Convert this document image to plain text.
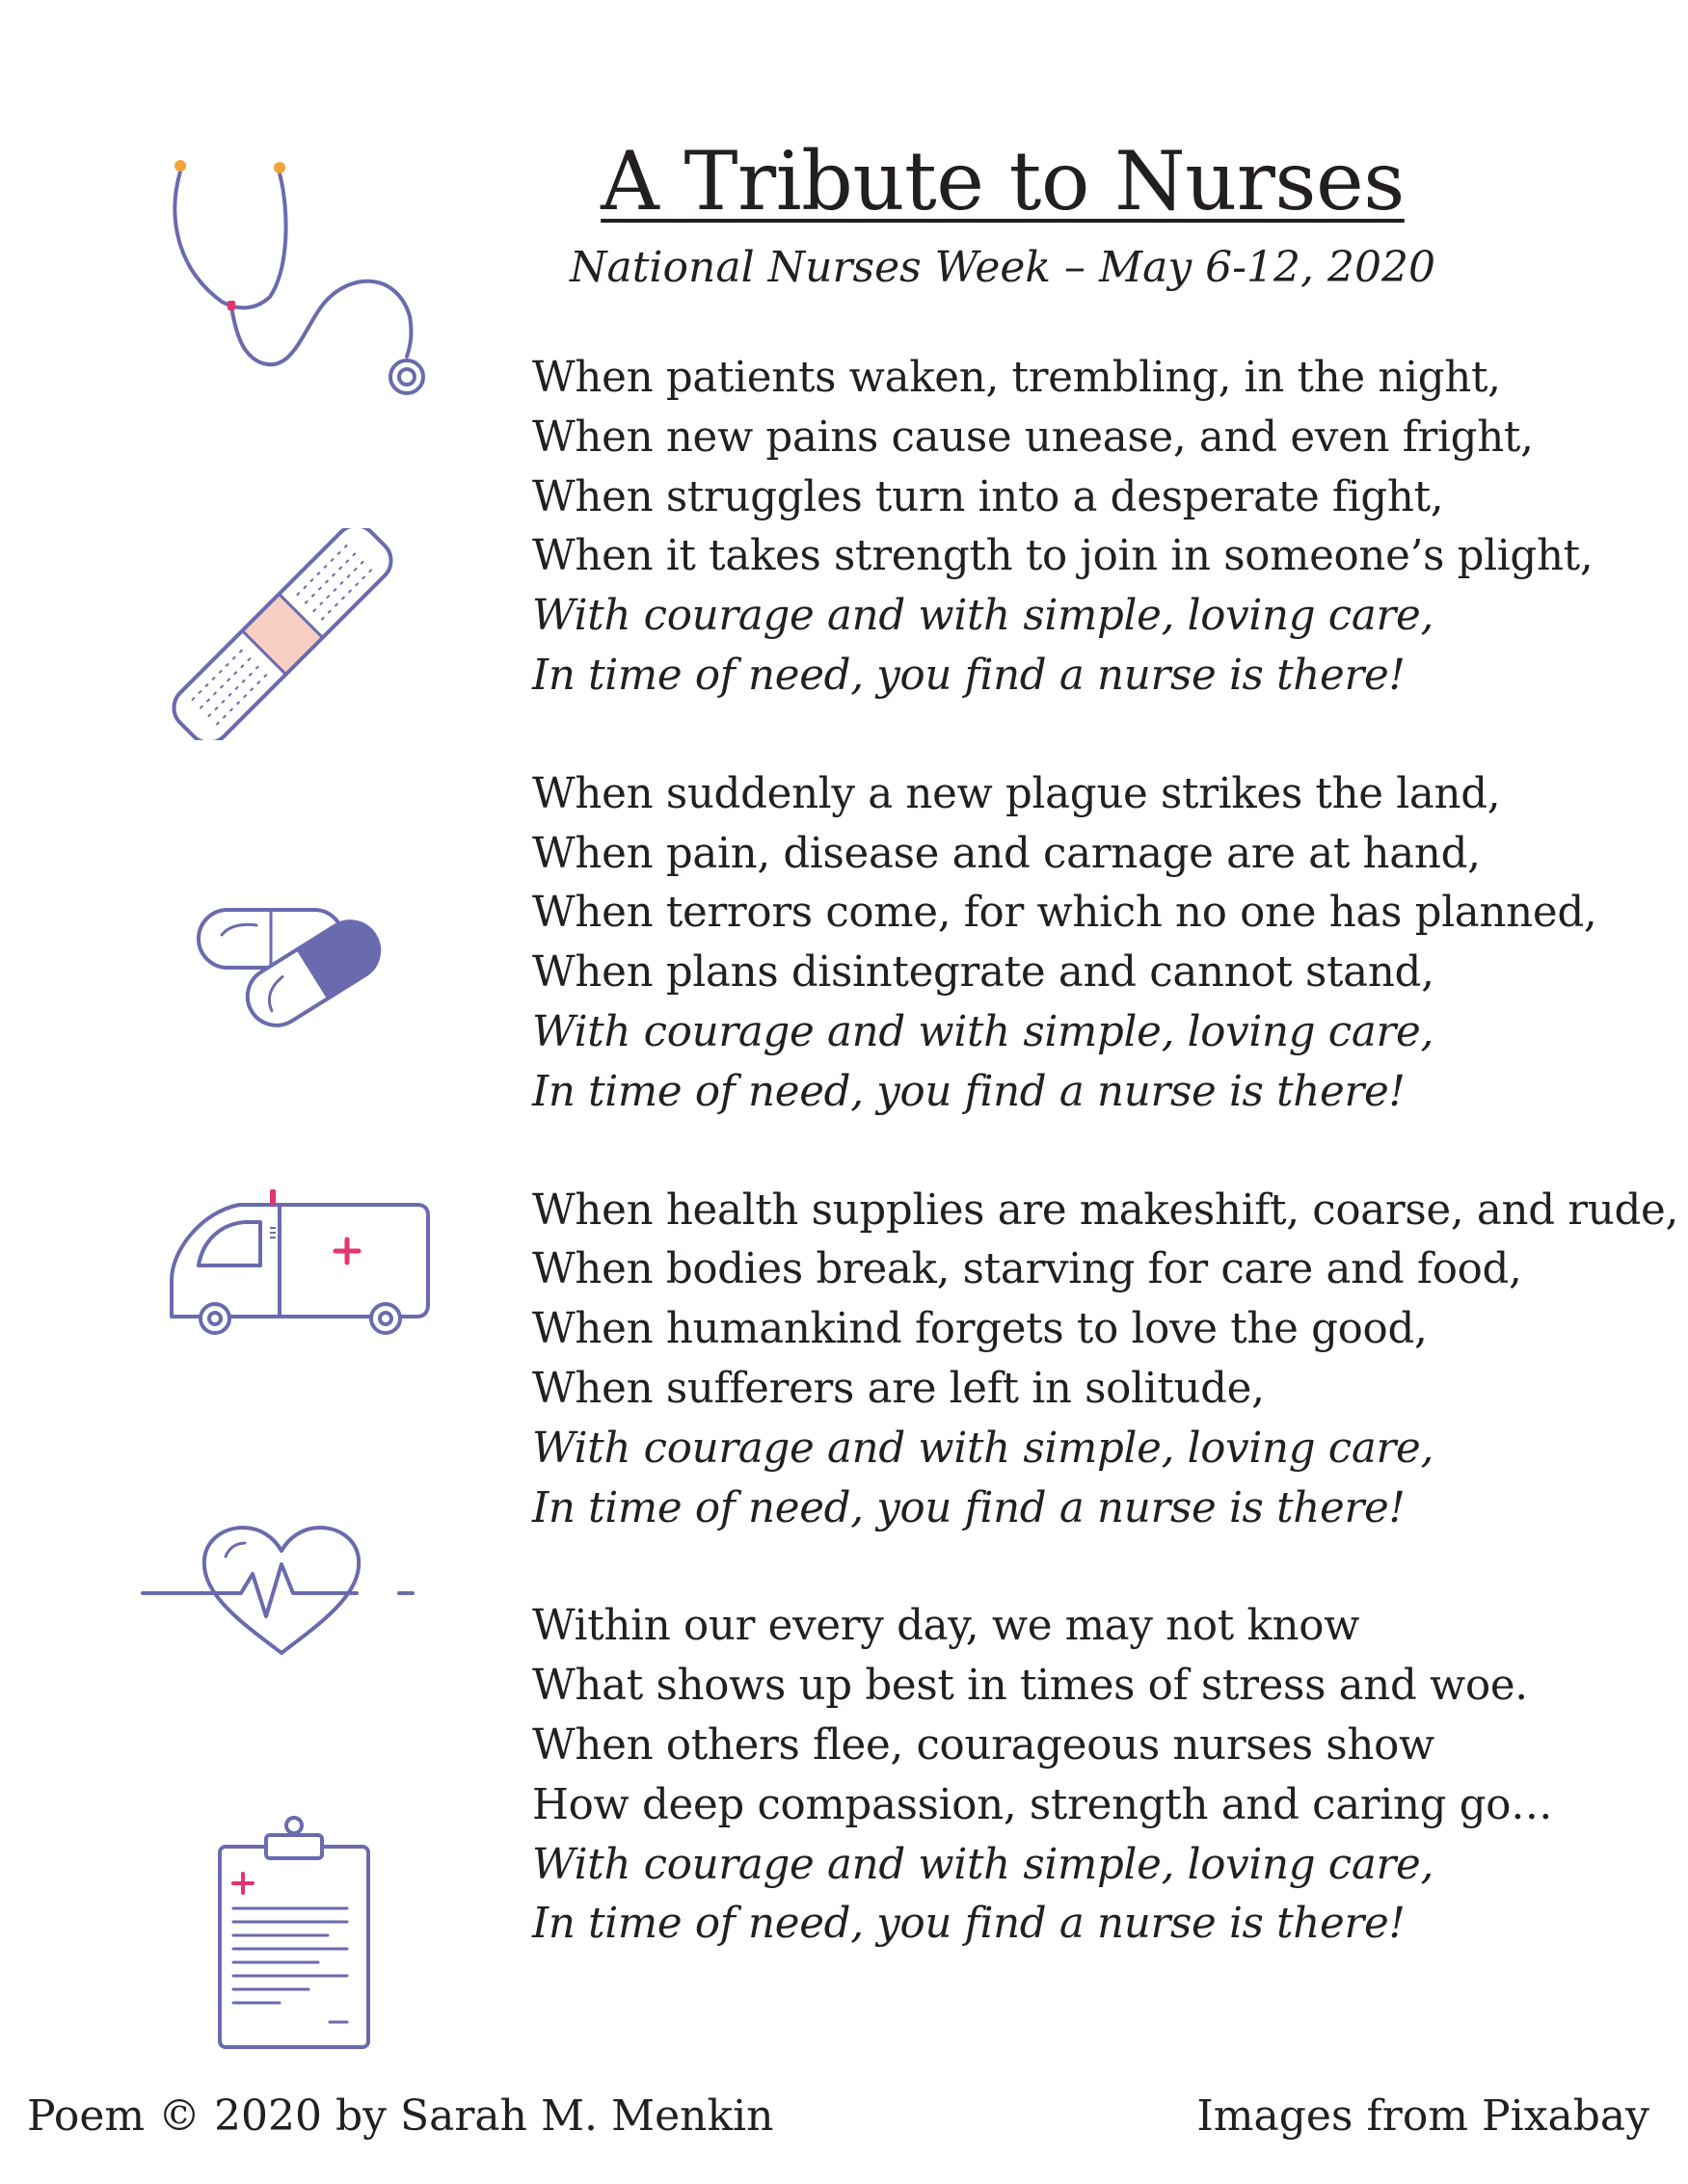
A Tribute to Nurses
National Nurses Week – May 6-12, 2020
When patients waken, trembling, in the night,
When new pains cause unease, and even fright,
When struggles turn into a desperate fight,
When it takes strength to join in someone’s plight,
With courage and with simple, loving care,
In time of need, you find a nurse is there!
When suddenly a new plague strikes the land,
When pain, disease and carnage are at hand,
When terrors come, for which no one has planned,
When plans disintegrate and cannot stand,
With courage and with simple, loving care,
In time of need, you find a nurse is there!
When health supplies are makeshift, coarse, and rude,
When bodies break, starving for care and food,
When humankind forgets to love the good,
When sufferers are left in solitude,
With courage and with simple, loving care,
In time of need, you find a nurse is there!
Within our every day, we may not know
What shows up best in times of stress and woe.
When others flee, courageous nurses show
How deep compassion, strength and caring go…
With courage and with simple, loving care,
In time of need, you find a nurse is there!
Poem © 2020 by Sarah M. Menkin	Images from Pixabay
